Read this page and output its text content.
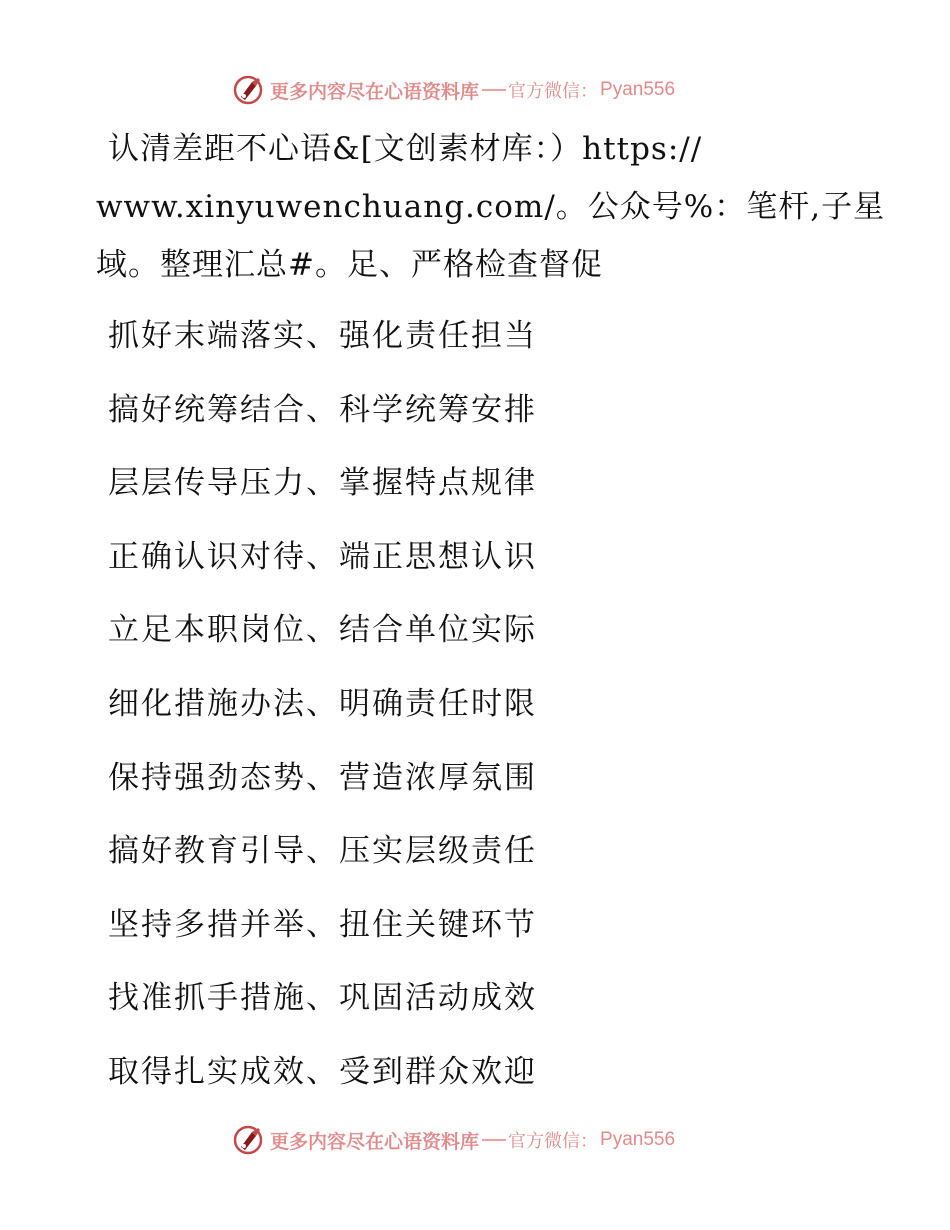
更多内容尽在心语资料库 官方微信： Pyan556
认清差距不心语&[文创素材库：）https://
www.xinyuwenchuang.com/。公众号%：笔杆,子星
域。整理汇总#。足、严格检查督促
抓好末端落实、强化责任担当
搞好统筹结合、科学统筹安排
层层传导压力、掌握特点规律
正确认识对待、端正思想认识
立足本职岗位、结合单位实际
细化措施办法、明确责任时限
保持强劲态势、营造浓厚氛围
搞好教育引导、压实层级责任
坚持多措并举、扭住关键环节
找准抓手措施、巩固活动成效
取得扎实成效、受到群众欢迎
更多内容尽在心语资料库 官方微信： Pyan556
